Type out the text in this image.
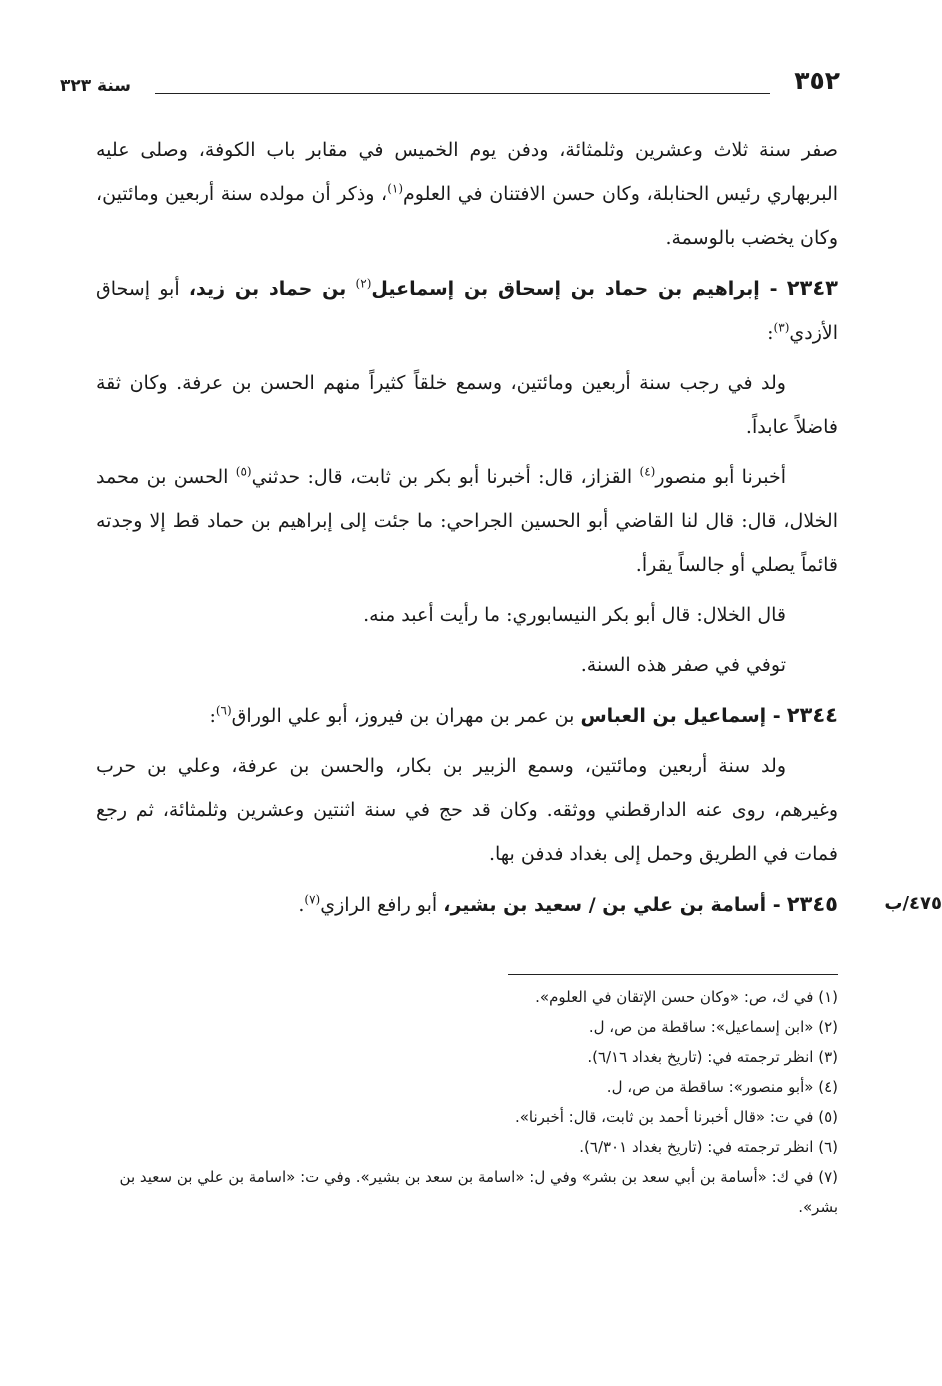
٣٥٢
سنة ٣٢٣

صفر سنة ثلاث وعشرين وثلمثائة، ودفن يوم الخميس في مقابر باب الكوفة، وصلى عليه البربهاري رئيس الحنابلة، وكان حسن الافتنان في العلوم$^{(١)}$، وذكر أن مولده سنة أربعين ومائتين، وكان يخضب بالوسمة.

٢٣٤٣ - إبراهيم بن حماد بن إسحاق بن إسماعيل$^{(٢)}$ بن حماد بن زيد، أبو إسحاق الأزدي$^{(٣)}$:

ولد في رجب سنة أربعين ومائتين، وسمع خلقاً كثيراً منهم الحسن بن عرفة. وكان ثقة فاضلاً عابداً.

أخبرنا أبو منصور$^{(٤)}$ القزاز، قال: أخبرنا أبو بكر بن ثابت، قال: حدثني$^{(٥)}$ الحسن بن محمد الخلال، قال: قال لنا القاضي أبو الحسين الجراحي: ما جئت إلى إبراهيم بن حماد قط إلا وجدته قائماً يصلي أو جالساً يقرأ.

قال الخلال: قال أبو بكر النيسابوري: ما رأيت أعبد منه.

توفي في صفر هذه السنة.

٢٣٤٤ - إسماعيل بن العباس بن عمر بن مهران بن فيروز، أبو علي الوراق$^{(٦)}$:

ولد سنة أربعين ومائتين، وسمع الزبير بن بكار، والحسن بن عرفة، وعلي بن حرب وغيرهم، روى عنه الدارقطني ووثقه. وكان قد حج في سنة اثنتين وعشرين وثلمثائة، ثم رجع فمات في الطريق وحمل إلى بغداد فدفن بها.

٤٧٥/ب
٢٣٤٥ - أسامة بن علي بن / سعيد بن بشير، أبو رافع الرازي$^{(٧)}$.
(١) في ك، ص: «وكان حسن الإتقان في العلوم».
(٢) «ابن إسماعيل»: ساقطة من ص، ل.
(٣) انظر ترجمته في: (تاريخ بغداد ٦/١٦).
(٤) «أبو منصور»: ساقطة من ص، ل.
(٥) في ت: «قال أخبرنا أحمد بن ثابت، قال: أخبرنا».
(٦) انظر ترجمته في: (تاريخ بغداد ٦/٣٠١).
(٧) في ك: «أسامة بن أبي سعد بن بشر» وفي ل: «اسامة بن سعد بن بشير». وفي ت: «اسامة بن علي بن سعيد بن بشر».
